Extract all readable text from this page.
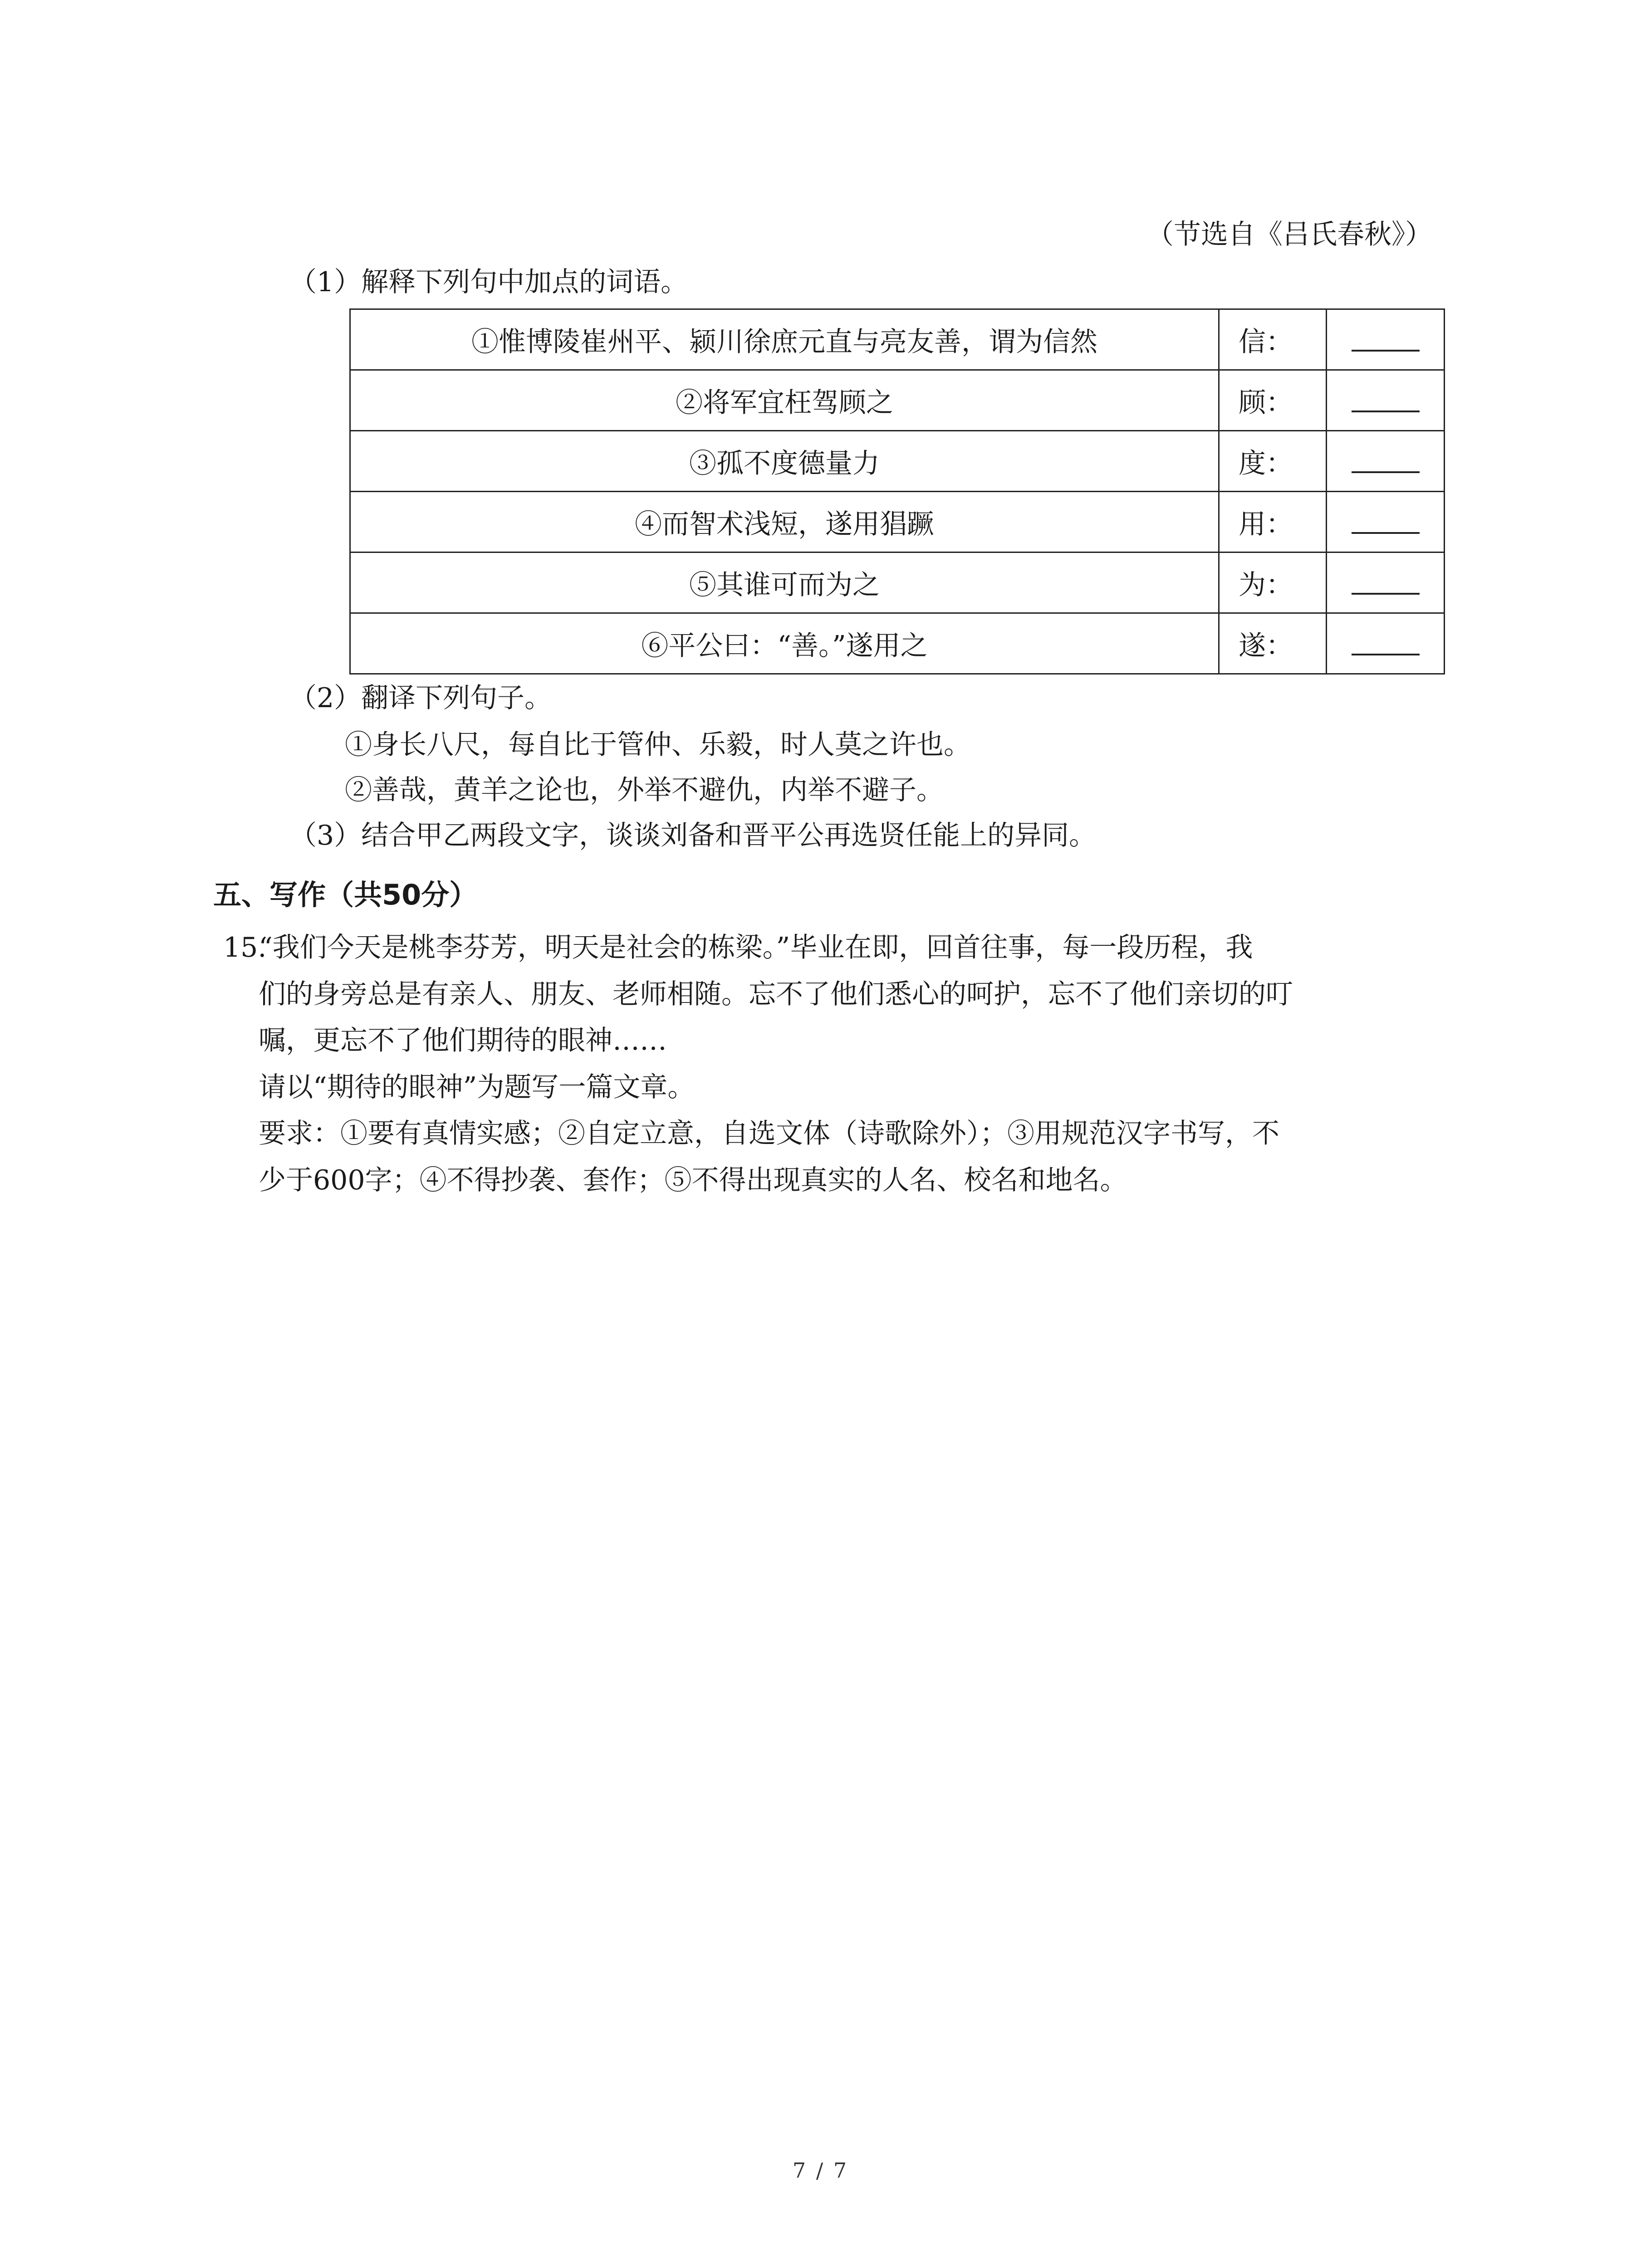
（节选自《吕氏春秋》）
（1）解释下列句中加点的词语。
①惟博陵崔州平、颍川徐庶元直与亮友善，谓为信然	信：	
②将军宜枉驾顾之	顾：	
③孤不度德量力	度：	
④而智术浅短，遂用猖蹶	用：	
⑤其谁可而为之	为：	
⑥平公曰：“善。”遂用之	遂：	
（2）翻译下列句子。
①身长八尺，每自比于管仲、乐毅，时人莫之许也。
②善哉，黄羊之论也，外举不避仇，内举不避子。
（3）结合甲乙两段文字，谈谈刘备和晋平公再选贤任能上的异同。
五、写作（共50分）
15.
“我们今天是桃李芬芳，明天是社会的栋梁。”毕业在即，回首往事，每一段历程，我
们的身旁总是有亲人、朋友、老师相随。忘不了他们悉心的呵护，忘不了他们亲切的叮
嘱，更忘不了他们期待的眼神……
请以“期待的眼神”为题写一篇文章。
要求：①要有真情实感；②自定立意，自选文体（诗歌除外）；③用规范汉字书写，不
少于600字；④不得抄袭、套作；⑤不得出现真实的人名、校名和地名。
7 / 7
